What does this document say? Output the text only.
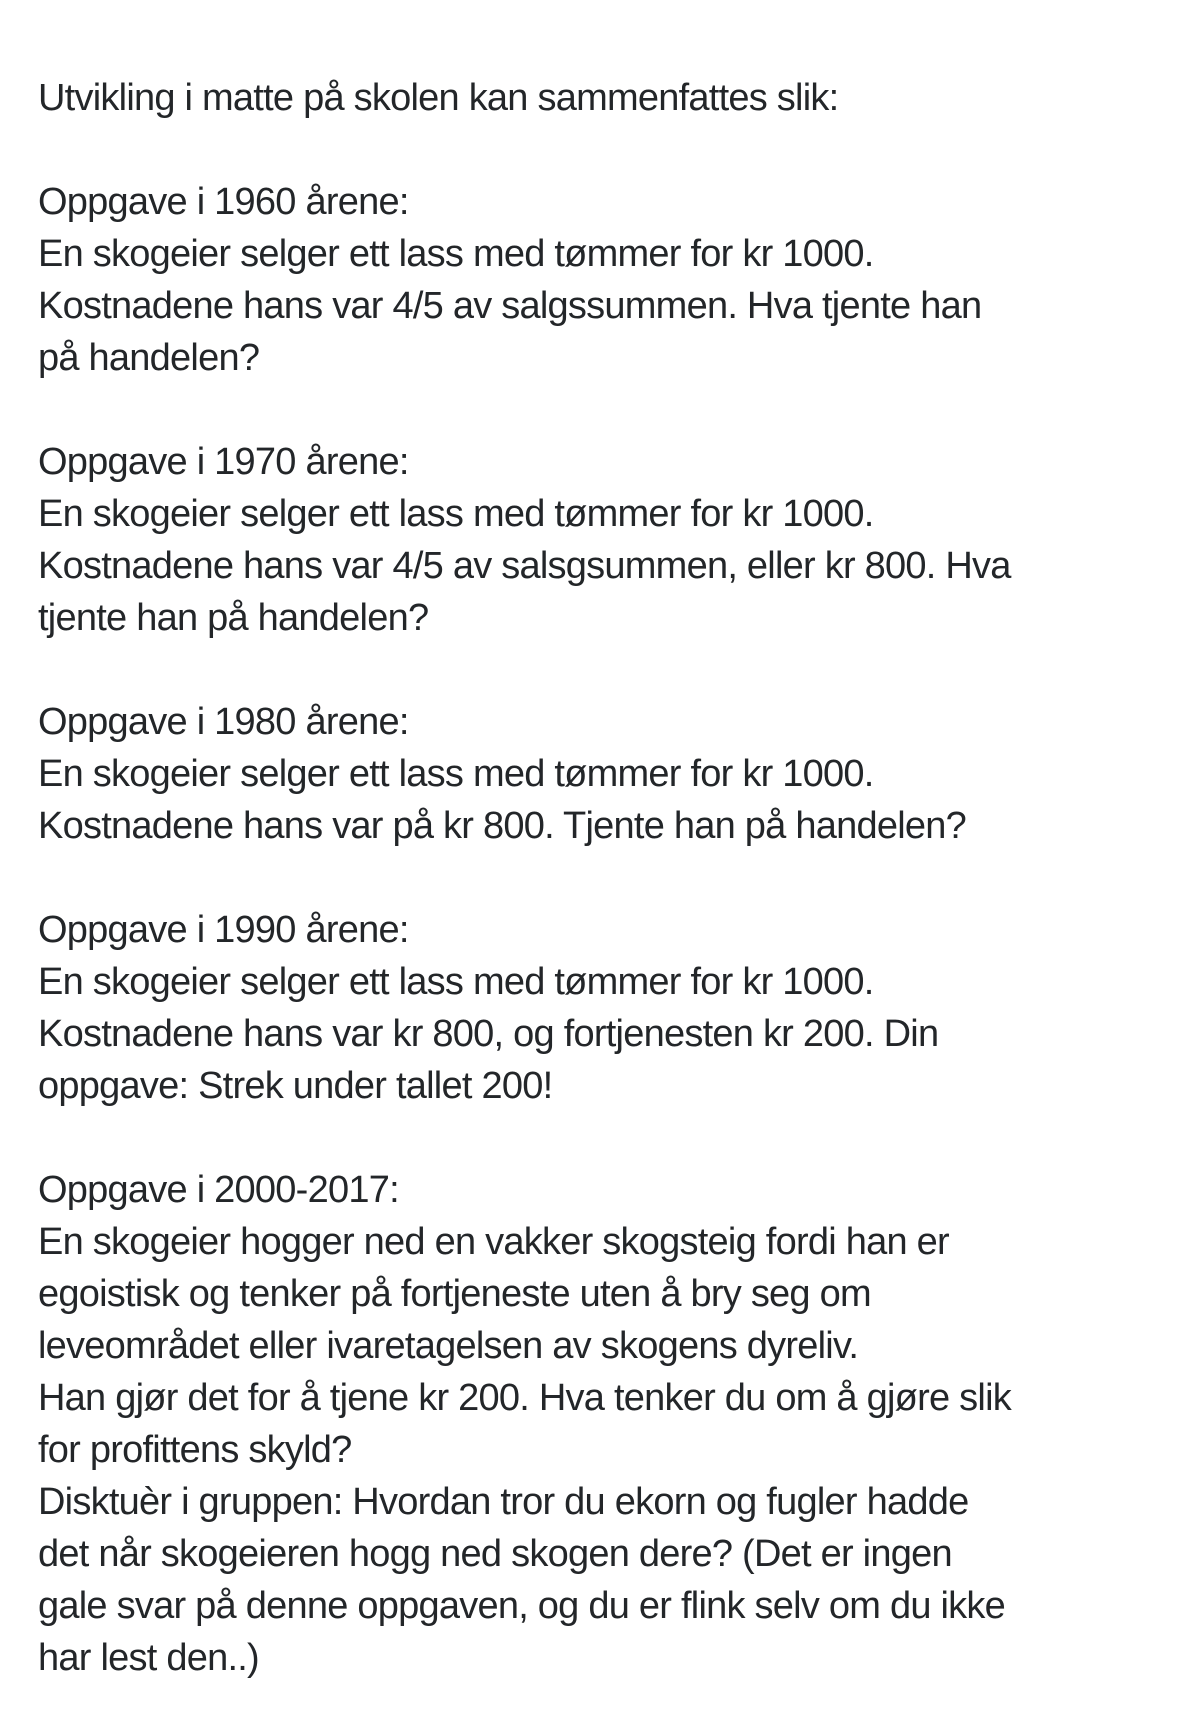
Utvikling i matte på skolen kan sammenfattes slik:
Oppgave i 1960 årene:
En skogeier selger ett lass med tømmer for kr 1000.
Kostnadene hans var 4/5 av salgssummen. Hva tjente han
på handelen?
Oppgave i 1970 årene:
En skogeier selger ett lass med tømmer for kr 1000.
Kostnadene hans var 4/5 av salsgsummen, eller kr 800. Hva
tjente han på handelen?
Oppgave i 1980 årene:
En skogeier selger ett lass med tømmer for kr 1000.
Kostnadene hans var på kr 800. Tjente han på handelen?
Oppgave i 1990 årene:
En skogeier selger ett lass med tømmer for kr 1000.
Kostnadene hans var kr 800, og fortjenesten kr 200. Din
oppgave: Strek under tallet 200!
Oppgave i 2000-2017:
En skogeier hogger ned en vakker skogsteig fordi han er
egoistisk og tenker på fortjeneste uten å bry seg om
leveområdet eller ivaretagelsen av skogens dyreliv.
Han gjør det for å tjene kr 200. Hva tenker du om å gjøre slik
for profittens skyld?
Disktuèr i gruppen: Hvordan tror du ekorn og fugler hadde
det når skogeieren hogg ned skogen dere? (Det er ingen
gale svar på denne oppgaven, og du er flink selv om du ikke
har lest den..)
